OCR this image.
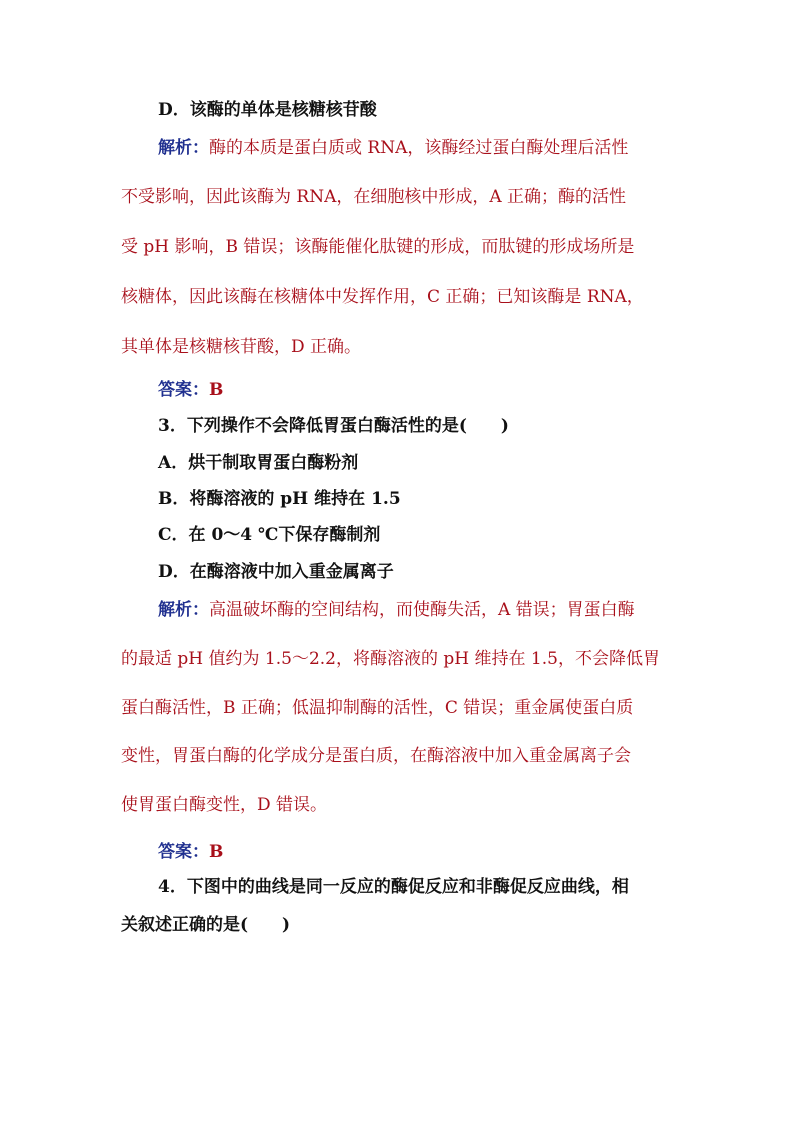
D．该酶的单体是核糖核苷酸
解析：酶的本质是蛋白质或 RNA，该酶经过蛋白酶处理后活性
不受影响，因此该酶为 RNA，在细胞核中形成，A 正确；酶的活性
受 pH 影响，B 错误；该酶能催化肽键的形成，而肽键的形成场所是
核糖体，因此该酶在核糖体中发挥作用，C 正确；已知该酶是 RNA，
其单体是核糖核苷酸，D 正确。
答案：B
3．下列操作不会降低胃蛋白酶活性的是(　　)
A．烘干制取胃蛋白酶粉剂
B．将酶溶液的 pH 维持在 1.5
C．在 0～4 ℃下保存酶制剂
D．在酶溶液中加入重金属离子
解析：高温破坏酶的空间结构，而使酶失活，A 错误；胃蛋白酶
的最适 pH 值约为 1.5～2.2，将酶溶液的 pH 维持在 1.5，不会降低胃
蛋白酶活性，B 正确；低温抑制酶的活性，C 错误；重金属使蛋白质
变性，胃蛋白酶的化学成分是蛋白质，在酶溶液中加入重金属离子会
使胃蛋白酶变性，D 错误。
答案：B
4．下图中的曲线是同一反应的酶促反应和非酶促反应曲线，相
关叙述正确的是(　　)
